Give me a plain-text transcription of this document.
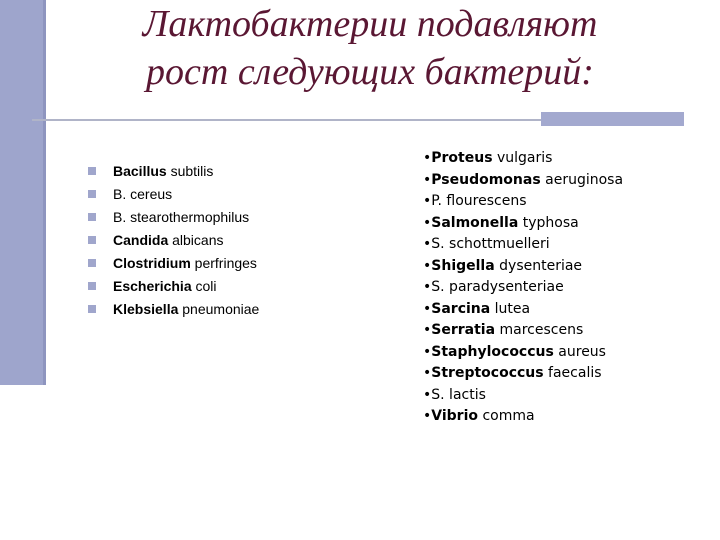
Лактобактерии подавляют
рост следующих бактерий:
Bacillus subtilis
B. cereus
B. stearothermophilus
Candida albicans
Clostridium perfringes
Escherichia coli
Klebsiella pneumoniae
•Proteus vulgaris
•Pseudomonas aeruginosa
•P. flourescens
•Salmonella typhosa
•S. schottmuelleri
•Shigella dysenteriae
•S. paradysenteriae
•Sarcina lutea
•Serratia marcescens
•Staphylococcus aureus
•Streptococcus faecalis
•S. lactis
•Vibrio comma
